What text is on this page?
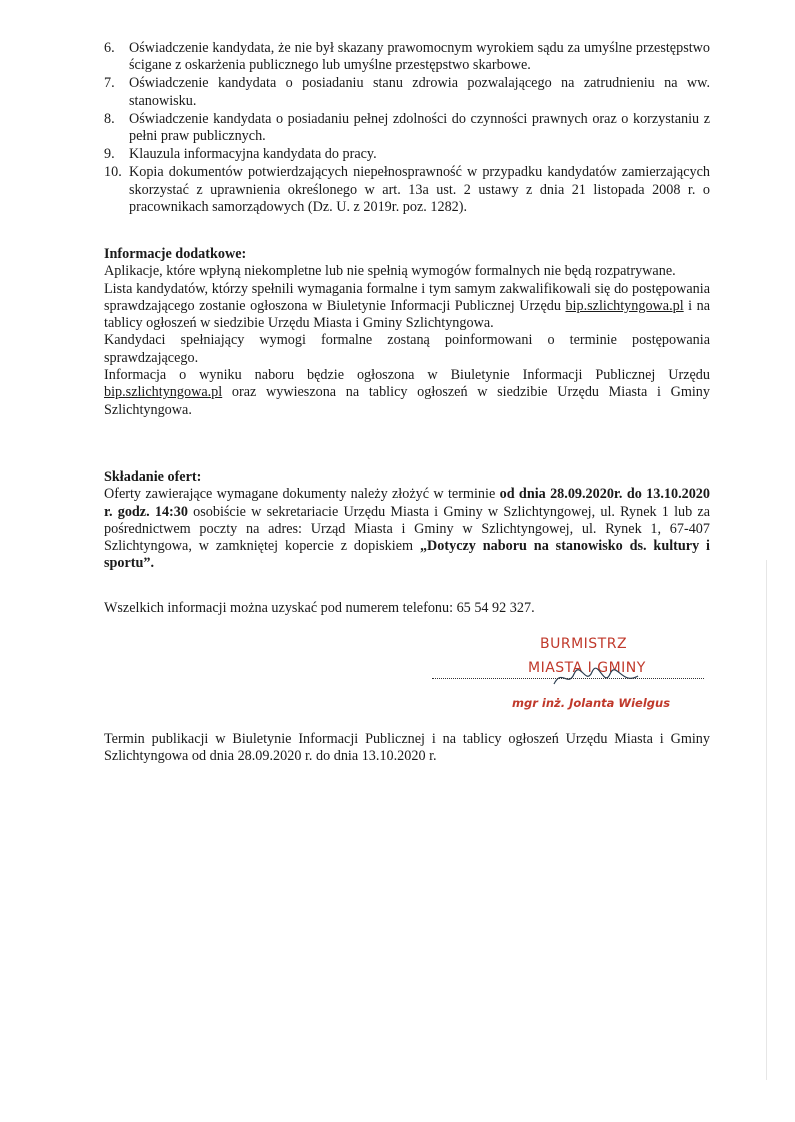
6.	Oświadczenie kandydata, że nie był skazany prawomocnym wyrokiem sądu za umyślne przestępstwo ścigane z oskarżenia publicznego lub umyślne przestępstwo skarbowe.
7.	Oświadczenie kandydata o posiadaniu stanu zdrowia pozwalającego na zatrudnieniu na ww. stanowisku.
8.	Oświadczenie kandydata o posiadaniu pełnej zdolności do czynności prawnych oraz o korzystaniu z pełni praw publicznych.
9.	Klauzula informacyjna kandydata do pracy.
10. Kopia dokumentów potwierdzających niepełnosprawność w przypadku kandydatów zamierzających skorzystać z uprawnienia określonego w art. 13a ust. 2 ustawy z dnia 21 listopada 2008 r. o pracownikach samorządowych (Dz. U. z 2019r. poz. 1282).

Informacje dodatkowe:

Aplikacje, które wpłyną niekompletne lub nie spełnią wymogów formalnych nie będą rozpatrywane.

Lista kandydatów, którzy spełnili wymagania formalne i tym samym zakwalifikowali się do postępowania sprawdzającego zostanie ogłoszona w Biuletynie Informacji Publicznej Urzędu bip.szlichtyngowa.pl i na tablicy ogłoszeń w siedzibie Urzędu Miasta i Gminy Szlichtyngowa.

Kandydaci spełniający wymogi formalne zostaną poinformowani o terminie postępowania sprawdzającego.

Informacja o wyniku naboru będzie ogłoszona w Biuletynie Informacji Publicznej Urzędu bip.szlichtyngowa.pl oraz wywieszona na tablicy ogłoszeń w siedzibie Urzędu Miasta i Gminy Szlichtyngowa.

Składanie ofert:

Oferty zawierające wymagane dokumenty należy złożyć w terminie od dnia 28.09.2020r. do 13.10.2020 r. godz. 14:30 osobiście w sekretariacie Urzędu Miasta i Gminy w Szlichtyngowej, ul. Rynek 1 lub za pośrednictwem poczty na adres: Urząd Miasta i Gminy w Szlichtyngowej, ul. Rynek 1, 67-407 Szlichtyngowa, w zamkniętej kopercie z dopiskiem „Dotyczy naboru na stanowisko ds. kultury i sportu”.

Wszelkich informacji można uzyskać pod numerem telefonu: 65 54 92 327.

BURMISTRZ
MIASTA I GMINY
mgr inż. Jolanta Wielgus

Termin publikacji w Biuletynie Informacji Publicznej i na tablicy ogłoszeń Urzędu Miasta i Gminy Szlichtyngowa od dnia 28.09.2020 r. do dnia 13.10.2020 r.
